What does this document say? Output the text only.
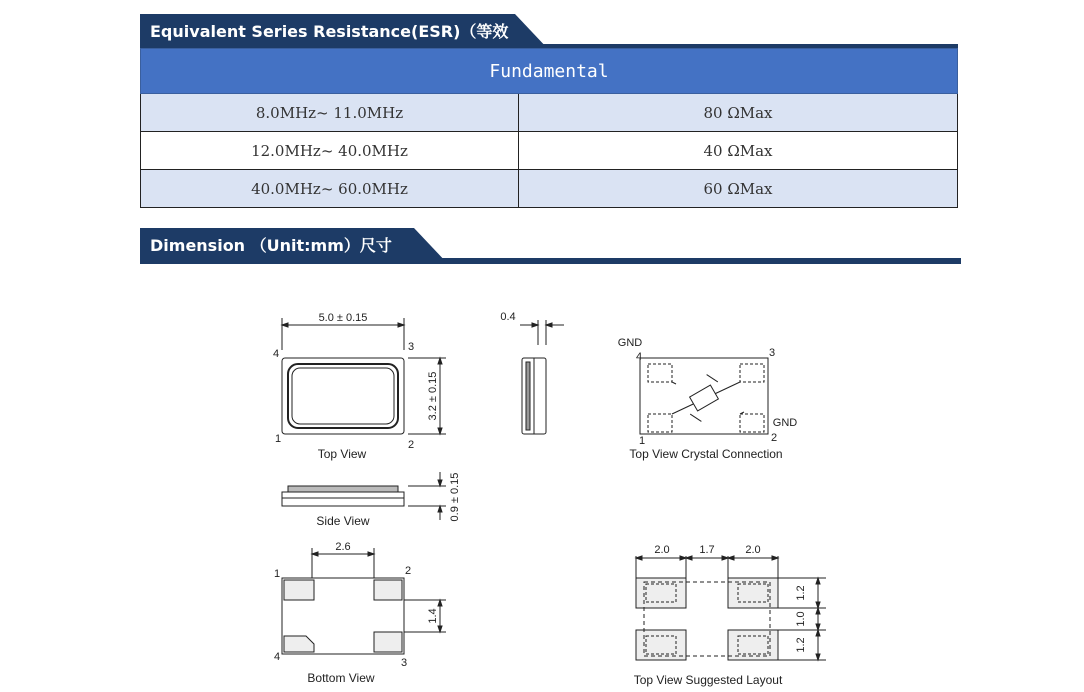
Equivalent Series Resistance(ESR)（等效
Fundamental	
8.0MHz~ 11.0MHz	80 ΩMax
12.0MHz~ 40.0MHz	40 ΩMax
40.0MHz~ 60.0MHz	60 ΩMax
Dimension （Unit:mm）尺寸
5.0 ± 0.15
3.2 ± 0.15
4
3
1	2
Top View
0.4
GND
4	3
GND
1	2
Top View Crystal Connection
0.9 ± 0.15
Side View
2.6
1.4
1	2
4	3
Bottom View
2.0	1.7	2.0
1.2
1.0
1.2
Top View Suggested Layout
